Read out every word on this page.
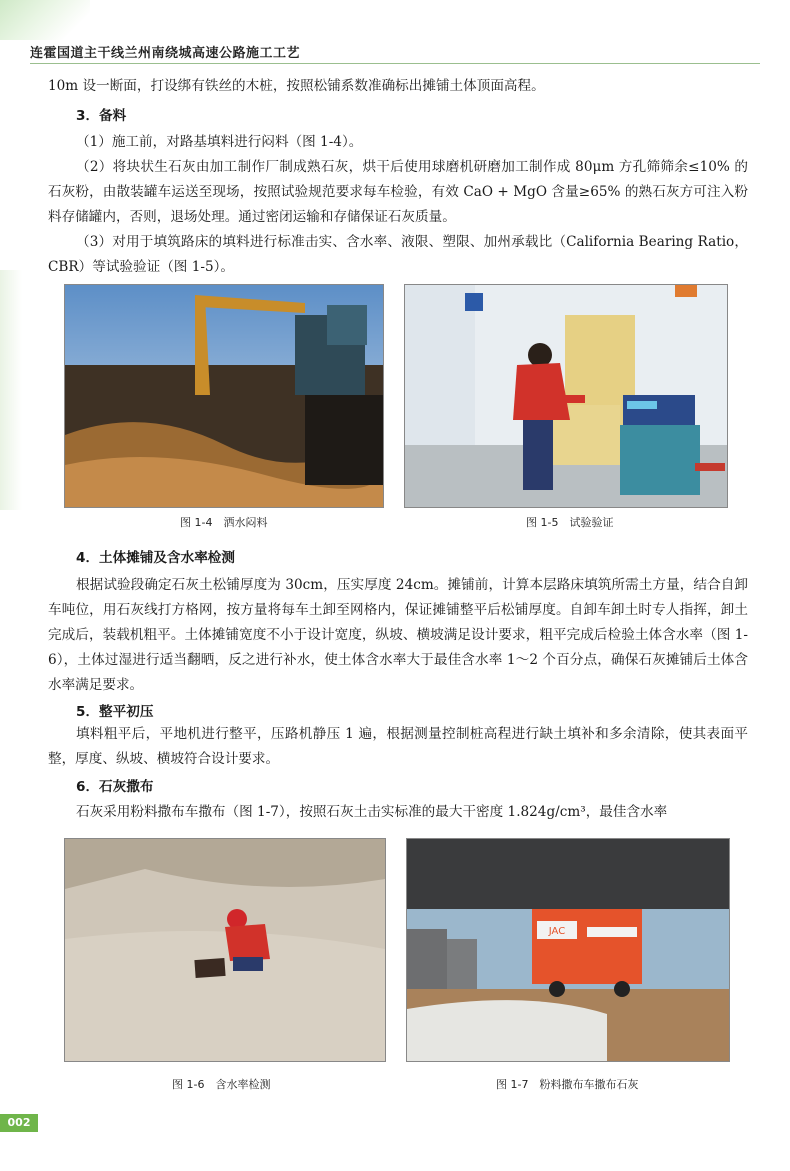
连霍国道主干线兰州南绕城高速公路施工工艺
10m 设一断面，打设绑有铁丝的木桩，按照松铺系数准确标出摊铺土体顶面高程。
3．备料
（1）施工前，对路基填料进行闷料（图 1-4）。
（2）将块状生石灰由加工制作厂制成熟石灰，烘干后使用球磨机研磨加工制作成 80μm 方孔筛筛余≤10% 的石灰粉，由散装罐车运送至现场，按照试验规范要求每车检验，有效 CaO + MgO 含量≥65% 的熟石灰方可注入粉料存储罐内，否则，退场处理。通过密闭运输和存储保证石灰质量。
（3）对用于填筑路床的填料进行标准击实、含水率、液限、塑限、加州承载比（California Bearing Ratio，CBR）等试验验证（图 1-5）。
图 1-4　洒水闷料	图 1-5　试验验证
4．土体摊铺及含水率检测
根据试验段确定石灰土松铺厚度为 30cm，压实厚度 24cm。摊铺前，计算本层路床填筑所需土方量，结合自卸车吨位，用石灰线打方格网，按方量将每车土卸至网格内，保证摊铺整平后松铺厚度。自卸车卸土时专人指挥，卸土完成后，装载机粗平。土体摊铺宽度不小于设计宽度，纵坡、横坡满足设计要求，粗平完成后检验土体含水率（图 1-6），土体过湿进行适当翻晒，反之进行补水，使土体含水率大于最佳含水率 1～2 个百分点，确保石灰摊铺后土体含水率满足要求。
5．整平初压
填料粗平后，平地机进行整平，压路机静压 1 遍，根据测量控制桩高程进行缺土填补和多余清除，使其表面平整，厚度、纵坡、横坡符合设计要求。
6．石灰撒布
石灰采用粉料撒布车撒布（图 1-7），按照石灰土击实标准的最大干密度 1.824g/cm³，最佳含水率
JAC
图 1-6　含水率检测	图 1-7　粉料撒布车撒布石灰
002
